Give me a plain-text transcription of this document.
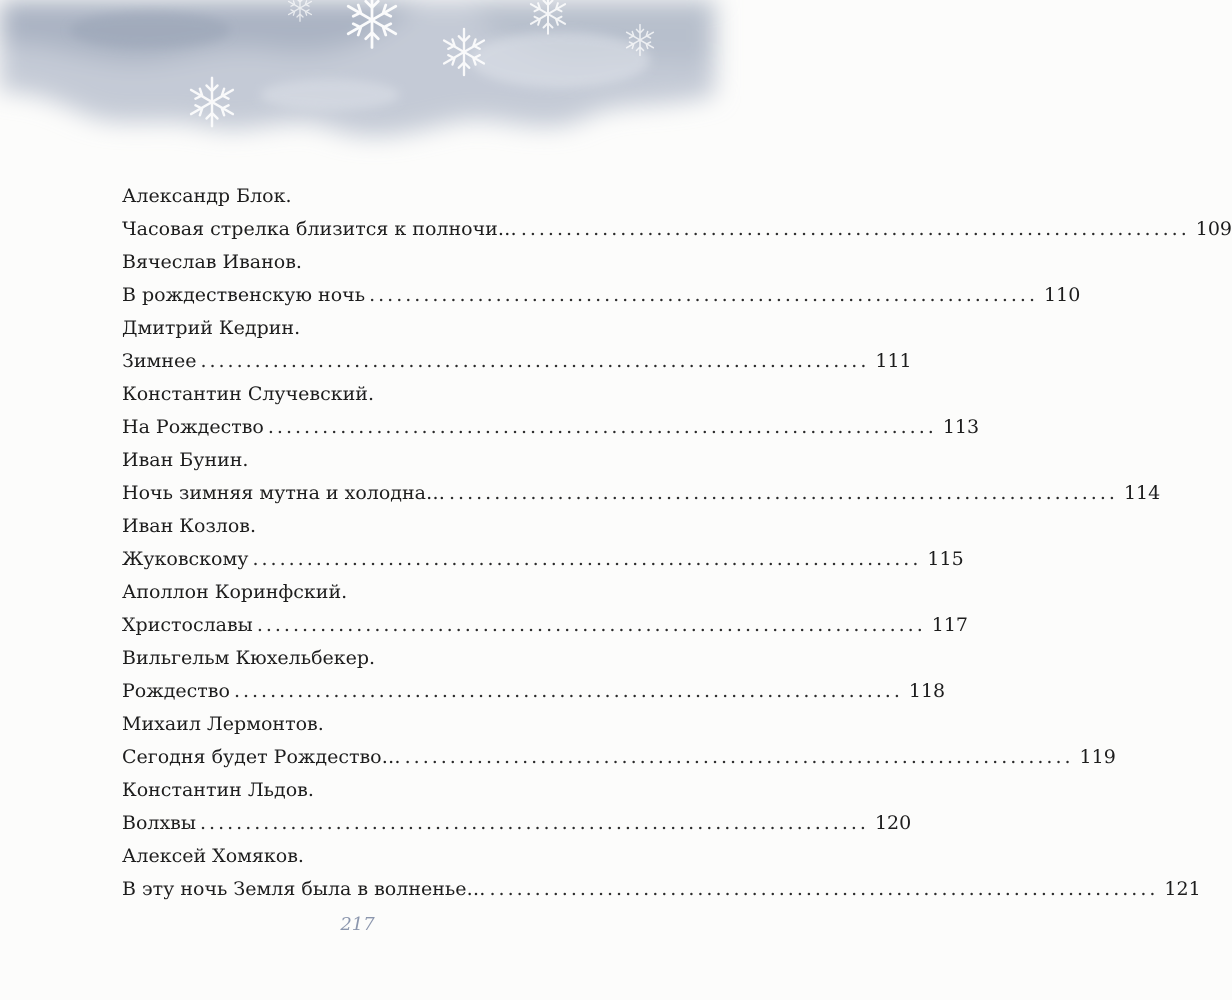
Александр Блок.
Часовая стрелка близится к полночи… .......................................................................... 109
Вячеслав Иванов.
В рождественскую ночь .......................................................................... 110
Дмитрий Кедрин.
Зимнее .......................................................................... 111
Константин Случевский.
На Рождество .......................................................................... 113
Иван Бунин.
Ночь зимняя мутна и холодна… .......................................................................... 114
Иван Козлов.
Жуковскому .......................................................................... 115
Аполлон Коринфский.
Христославы .......................................................................... 117
Вильгельм Кюхельбекер.
Рождество .......................................................................... 118
Михаил Лермонтов.
Сегодня будет Рождество… .......................................................................... 119
Константин Льдов.
Волхвы .......................................................................... 120
Алексей Хомяков.
В эту ночь Земля была в волненье… .......................................................................... 121
217
